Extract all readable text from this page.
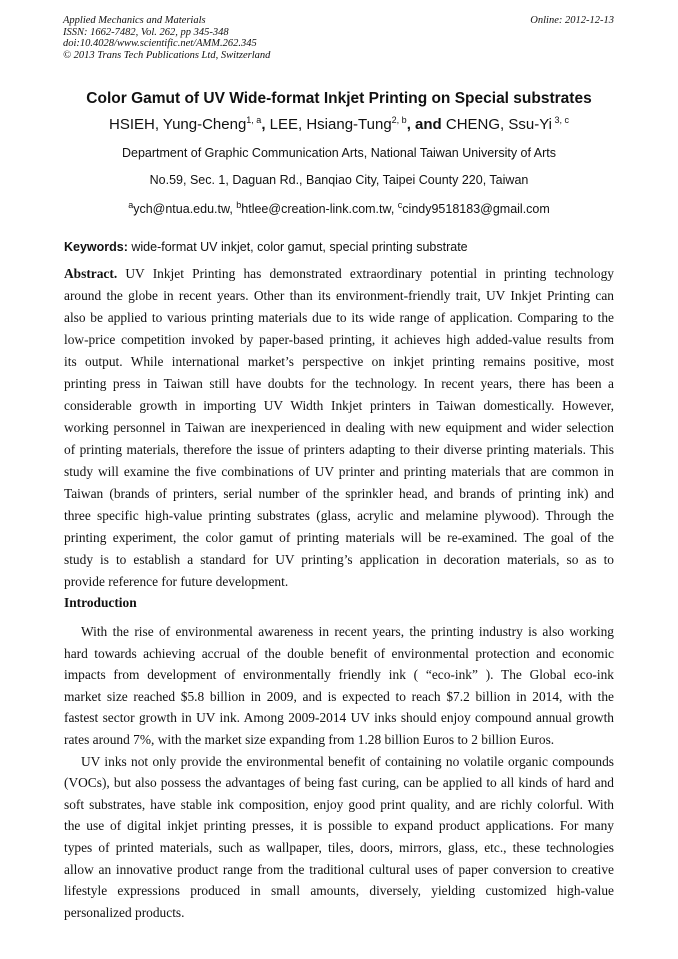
Applied Mechanics and Materials
ISSN: 1662-7482, Vol. 262, pp 345-348
doi:10.4028/www.scientific.net/AMM.262.345
© 2013 Trans Tech Publications Ltd, Switzerland
Online: 2012-12-13
Color Gamut of UV Wide-format Inkjet Printing on Special substrates
HSIEH, Yung-Cheng$^{1, a}$, LEE, Hsiang-Tung$^{2, b}$, and CHENG, Ssu-Yi $^{3, c}$
Department of Graphic Communication Arts, National Taiwan University of Arts
No.59, Sec. 1, Daguan Rd., Banqiao City, Taipei County 220, Taiwan
$^a$ych@ntua.edu.tw, $^b$htlee@creation-link.com.tw, $^c$cindy9518183@gmail.com
Keywords: wide-format UV inkjet, color gamut, special printing substrate
Abstract. UV Inkjet Printing has demonstrated extraordinary potential in printing technology
around the globe in recent years. Other than its environment-friendly trait, UV Inkjet Printing can
also be applied to various printing materials due to its wide range of application. Comparing to the
low-price competition invoked by paper-based printing, it achieves high added-value results from
its output. While international market’s perspective on inkjet printing remains positive, most
printing press in Taiwan still have doubts for the technology. In recent years, there has been a
considerable growth in importing UV Width Inkjet printers in Taiwan domestically. However,
working personnel in Taiwan are inexperienced in dealing with new equipment and wider selection
of printing materials, therefore the issue of printers adapting to their diverse printing materials. This
study will examine the five combinations of UV printer and printing materials that are common in
Taiwan (brands of printers, serial number of the sprinkler head, and brands of printing ink) and
three specific high-value printing substrates (glass, acrylic and melamine plywood). Through the
printing experiment, the color gamut of printing materials will be re-examined. The goal of the
study is to establish a standard for UV printing’s application in decoration materials, so as to
provide reference for future development.
Introduction
With the rise of environmental awareness in recent years, the printing industry is also working
hard towards achieving accrual of the double benefit of environmental protection and economic
impacts from development of environmentally friendly ink ( “eco-ink” ). The Global eco-ink
market size reached $5.8 billion in 2009, and is expected to reach $7.2 billion in 2014, with the
fastest sector growth in UV ink. Among 2009-2014 UV inks should enjoy compound annual growth
rates around 7%, with the market size expanding from 1.28 billion Euros to 2 billion Euros.
UV inks not only provide the environmental benefit of containing no volatile organic compounds
(VOCs), but also possess the advantages of being fast curing, can be applied to all kinds of hard and
soft substrates, have stable ink composition, enjoy good print quality, and are richly colorful. With
the use of digital inkjet printing presses, it is possible to expand product applications. For many
types of printed materials, such as wallpaper, tiles, doors, mirrors, glass, etc., these technologies
allow an innovative product range from the traditional cultural uses of paper conversion to creative
lifestyle expressions produced in small amounts, diversely, yielding customized high-value
personalized products.
